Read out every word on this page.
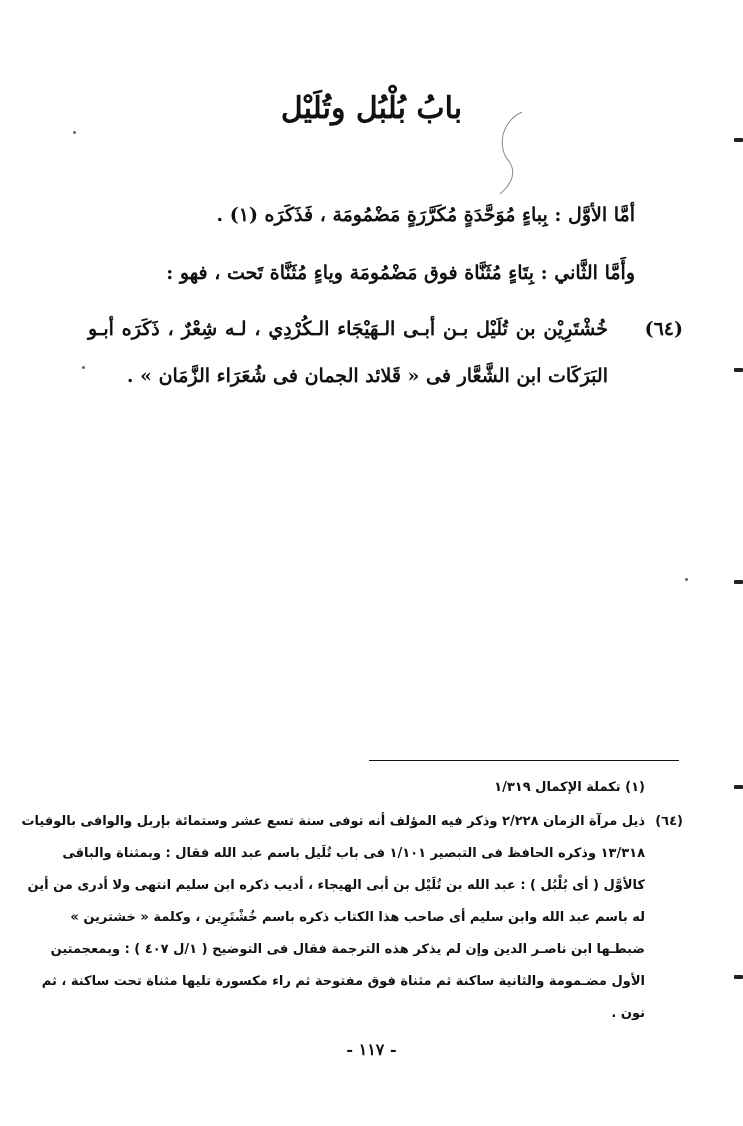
بابُ بُلْبُل وتُلَيْل
أمَّا الأوَّل : بِباءٍ مُوَحَّدَةٍ مُكَرَّرَةٍ مَضْمُومَة ، فَذَكَرَه (١) .
وأَمَّا الثَّاني : بِتَاءٍ مُثَنَّاة فوق مَضْمُومَة وياءٍ مُثَنَّاة تَحت ، فهو :
(٦٤)
خُشْتَرِيْن بن تُلَيْل بـن أبـى الـهَيْجَاء الـكُرْدِي ، لـه شِعْرٌ ، ذَكَرَه أبـو
البَرَكَات ابن الشَّعَّار فى « قَلائد الجمان فى شُعَرَاء الزَّمَان » .
(١) تكملة الإكمال ١/٣١٩
(٦٤)
ذيل مرآة الزمان ٢/٢٢٨ وذكر فيه المؤلف أنه توفى سنة تسع عشر وستمائة بإربل والوافى بالوفيات
١٣/٣١٨ وذكره الحافظ فى التبصير ١/١٠١ فى باب تُلَيل باسم عبد الله فقال : وبمثناة والباقى
كالأوَّل ( أى بُلْبُل ) : عبد الله بن تُلَيْل بن أبى الهيجاء ، أديب ذكره ابن سليم انتهى ولا أدرى من أين
له باسم عبد الله وابن سليم أى صاحب هذا الكتاب ذكره باسم خُشْتَرِين ، وكلمة « خشترين »
ضبطـها ابن ناصـر الدين وإن لم يذكر هذه الترجمة فقال فى التوضيح ( ١/ل ٤٠٧ ) : وبمعجمتين
الأول مضـمومة والثانية ساكنة ثم مثناة فوق مفتوحة ثم راء مكسورة تليها مثناة تحت ساكنة ، ثم
نون .
- ١١٧ -
